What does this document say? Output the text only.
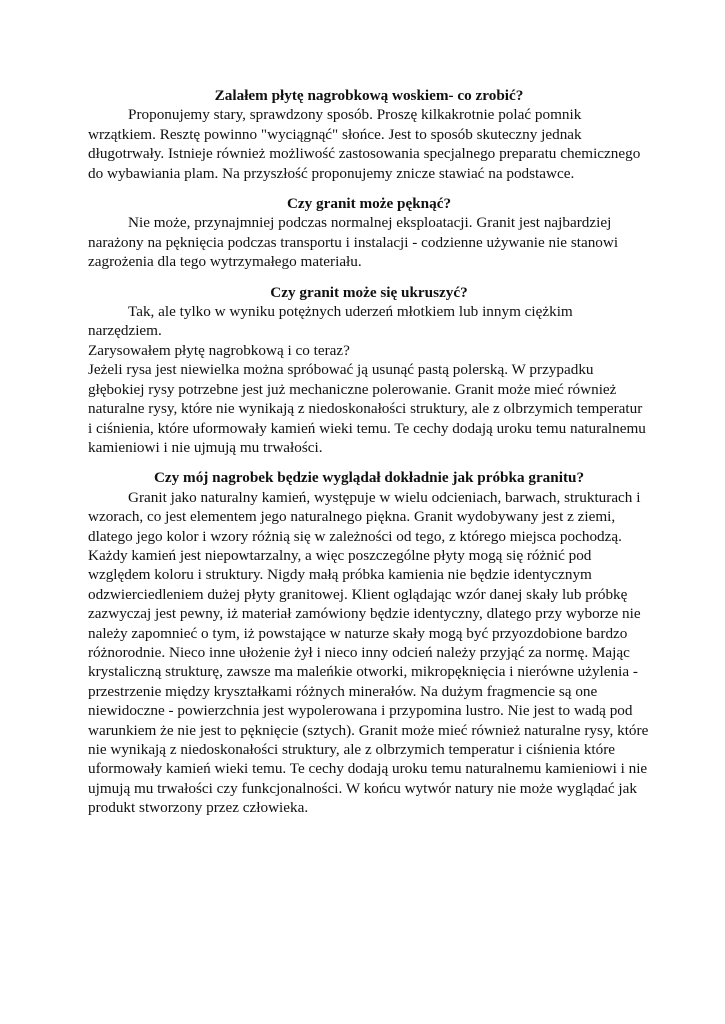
Zalałem płytę nagrobkową woskiem- co zrobić?

Proponujemy stary, sprawdzony sposób. Proszę kilkakrotnie polać pomnik wrzątkiem. Resztę powinno "wyciągnąć" słońce. Jest to sposób skuteczny jednak długotrwały. Istnieje również możliwość zastosowania specjalnego preparatu chemicznego do wybawiania plam. Na przyszłość proponujemy znicze stawiać na podstawce.

Czy granit może pęknąć?

Nie może, przynajmniej podczas normalnej eksploatacji. Granit jest najbardziej narażony na pęknięcia podczas transportu i instalacji - codzienne używanie nie stanowi zagrożenia dla tego wytrzymałego materiału.

Czy granit może się ukruszyć?

Tak, ale tylko w wyniku potężnych uderzeń młotkiem lub innym ciężkim narzędziem.

Zarysowałem płytę nagrobkową i co teraz?

Jeżeli rysa jest niewielka można spróbować ją usunąć pastą polerską. W przypadku głębokiej rysy potrzebne jest już mechaniczne polerowanie. Granit może mieć również naturalne rysy, które nie wynikają z niedoskonałości struktury, ale z olbrzymich temperatur i ciśnienia, które uformowały kamień wieki temu. Te cechy dodają uroku temu naturalnemu kamieniowi i nie ujmują mu trwałości.

Czy mój nagrobek będzie wyglądał dokładnie jak próbka granitu?

Granit jako naturalny kamień, występuje w wielu odcieniach, barwach, strukturach i wzorach, co jest elementem jego naturalnego piękna. Granit wydobywany jest z ziemi, dlatego jego kolor i wzory różnią się w zależności od tego, z którego miejsca pochodzą. Każdy kamień jest niepowtarzalny, a więc poszczególne płyty mogą się różnić pod względem koloru i struktury. Nigdy małą próbka kamienia nie będzie identycznym odzwierciedleniem dużej płyty granitowej. Klient oglądając wzór danej skały lub próbkę zazwyczaj jest pewny, iż materiał zamówiony będzie identyczny, dlatego przy wyborze nie należy zapomnieć o tym, iż powstające w naturze skały mogą być przyozdobione bardzo różnorodnie. Nieco inne ułożenie żył i nieco inny odcień należy przyjąć za normę. Mając krystaliczną strukturę, zawsze ma maleńkie otworki, mikropęknięcia i nierówne użylenia - przestrzenie między kryształkami różnych minerałów. Na dużym fragmencie są one niewidoczne - powierzchnia jest wypolerowana i przypomina lustro. Nie jest to wadą pod warunkiem że nie jest to pęknięcie (sztych). Granit może mieć również naturalne rysy, które nie wynikają z niedoskonałości struktury, ale z olbrzymich temperatur i ciśnienia które uformowały kamień wieki temu. Te cechy dodają uroku temu naturalnemu kamieniowi i nie ujmują mu trwałości czy funkcjonalności. W końcu wytwór natury nie może wyglądać jak produkt stworzony przez człowieka.
